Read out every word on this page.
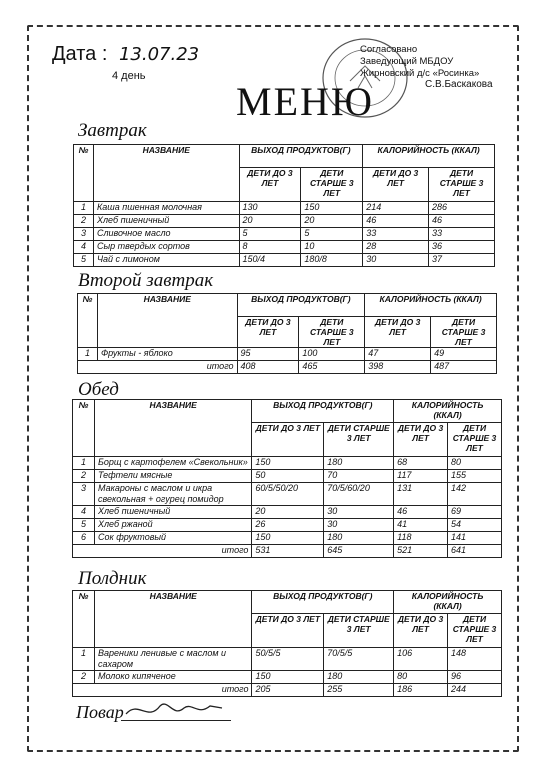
Дата : 13.07.23
4 день
Согласовано
Заведующий МБДОУ
Жирновский д/с «Росинка»
С.В.Баскакова
МЕНЮ
Завтрак
№	НАЗВАНИЕ	ВЫХОД ПРОДУКТОВ(Г)		КАЛОРИЙНОСТЬ (ККАЛ)	
		ДЕТИ ДО 3 ЛЕТ	ДЕТИ СТАРШЕ 3 ЛЕТ	ДЕТИ ДО 3 ЛЕТ	ДЕТИ СТАРШЕ 3 ЛЕТ
1	Каша пшенная молочная	130	150	214	286
2	Хлеб пшеничный	20	20	46	46
3	Сливочное масло	5	5	33	33
4	Сыр твердых сортов	8	10	28	36
5	Чай с лимоном	150/4	180/8	30	37
Второй завтрак
№	НАЗВАНИЕ	ВЫХОД ПРОДУКТОВ(Г)		КАЛОРИЙНОСТЬ (ККАЛ)	
		ДЕТИ ДО 3 ЛЕТ	ДЕТИ СТАРШЕ 3 ЛЕТ	ДЕТИ ДО 3 ЛЕТ	ДЕТИ СТАРШЕ 3 ЛЕТ
1	Фрукты - яблоко	95	100	47	49
итого		408	465	398	487
Обед
№	НАЗВАНИЕ	ВЫХОД ПРОДУКТОВ(Г)		КАЛОРИЙНОСТЬ (ККАЛ)	
		ДЕТИ ДО 3 ЛЕТ	ДЕТИ СТАРШЕ 3 ЛЕТ	ДЕТИ ДО 3 ЛЕТ	ДЕТИ СТАРШЕ 3 ЛЕТ
1	Борщ с картофелем «Свекольник»	150	180	68	80
2	Тефтели мясные	50	70	117	155
3	Макароны с маслом и икра свекольная + огурец помидор	60/5/50/20	70/5/60/20	131	142
4	Хлеб пшеничный	20	30	46	69
5	Хлеб ржаной	26	30	41	54
6	Сок фруктовый	150	180	118	141
итого		531	645	521	641
Полдник
№	НАЗВАНИЕ	ВЫХОД ПРОДУКТОВ(Г)		КАЛОРИЙНОСТЬ (ККАЛ)	
		ДЕТИ ДО 3 ЛЕТ	ДЕТИ СТАРШЕ 3 ЛЕТ	ДЕТИ ДО 3 ЛЕТ	ДЕТИ СТАРШЕ 3 ЛЕТ
1	Вареники ленивые с маслом и сахаром	50/5/5	70/5/5	106	148
2	Молоко кипяченое	150	180	80	96
итого		205	255	186	244
Повар
